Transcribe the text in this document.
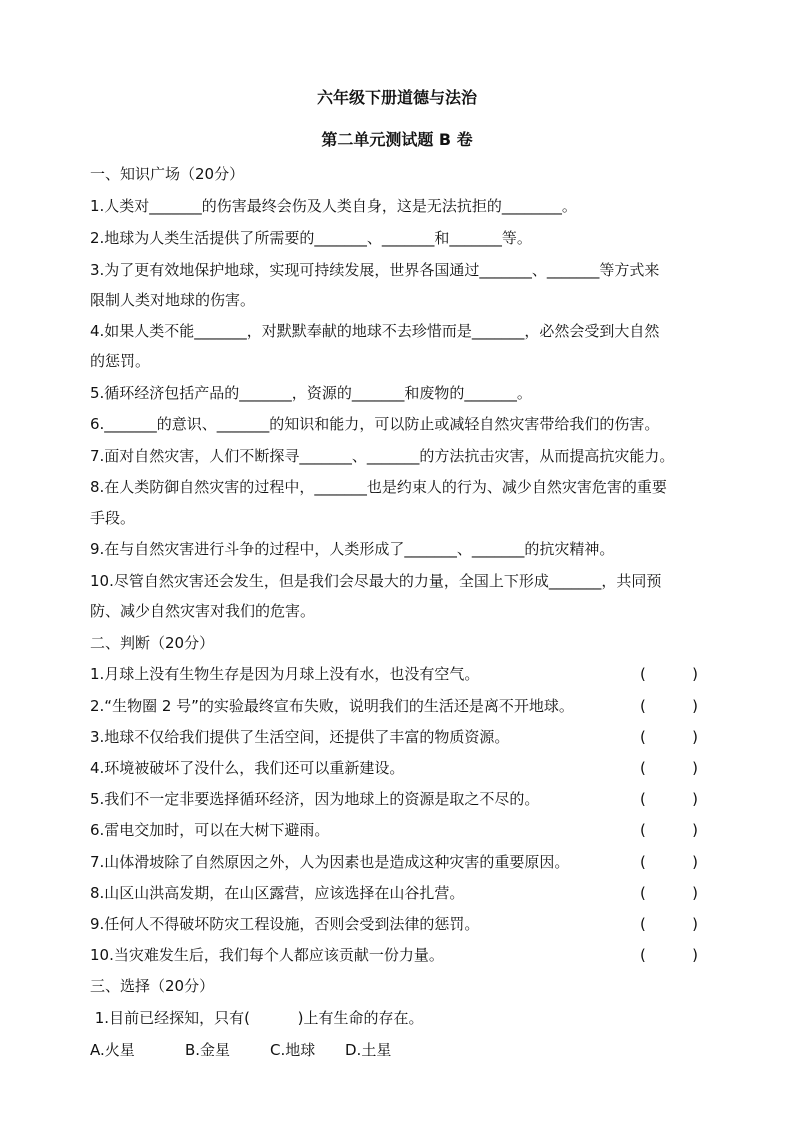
六年级下册道德与法治
第二单元测试题 B 卷
一、知识广场（20分）
1.人类对_______的伤害最终会伤及人类自身，这是无法抗拒的________。
2.地球为人类生活提供了所需要的_______、_______和_______等。
3.为了更有效地保护地球，实现可持续发展，世界各国通过_______、_______等方式来
限制人类对地球的伤害。
4.如果人类不能_______，对默默奉献的地球不去珍惜而是_______，必然会受到大自然
的惩罚。
5.循环经济包括产品的_______，资源的_______和废物的_______。
6._______的意识、_______的知识和能力，可以防止或减轻自然灾害带给我们的伤害。
7.面对自然灾害，人们不断探寻_______、_______的方法抗击灾害，从而提高抗灾能力。
8.在人类防御自然灾害的过程中，_______也是约束人的行为、减少自然灾害危害的重要
手段。
9.在与自然灾害进行斗争的过程中，人类形成了_______、_______的抗灾精神。
10.尽管自然灾害还会发生，但是我们会尽最大的力量，全国上下形成_______，共同预
防、减少自然灾害对我们的危害。
二、判断（20分）
1.月球上没有生物生存是因为月球上没有水，也没有空气。	(	)
2.“生物圈 2 号”的实验最终宣布失败，说明我们的生活还是离不开地球。	(	)
3.地球不仅给我们提供了生活空间，还提供了丰富的物质资源。	(	)
4.环境被破坏了没什么，我们还可以重新建设。	(	)
5.我们不一定非要选择循环经济，因为地球上的资源是取之不尽的。	(	)
6.雷电交加时，可以在大树下避雨。	(	)
7.山体滑坡除了自然原因之外，人为因素也是造成这种灾害的重要原因。	(	)
8.山区山洪高发期，在山区露营，应该选择在山谷扎营。	(	)
9.任何人不得破坏防灾工程设施，否则会受到法律的惩罚。	(	)
10.当灾难发生后，我们每个人都应该贡献一份力量。	(	)
三、选择（20分）
1.目前已经探知，只有(          )上有生命的存在。
A.火星	B.金星	C.地球 D.土星
